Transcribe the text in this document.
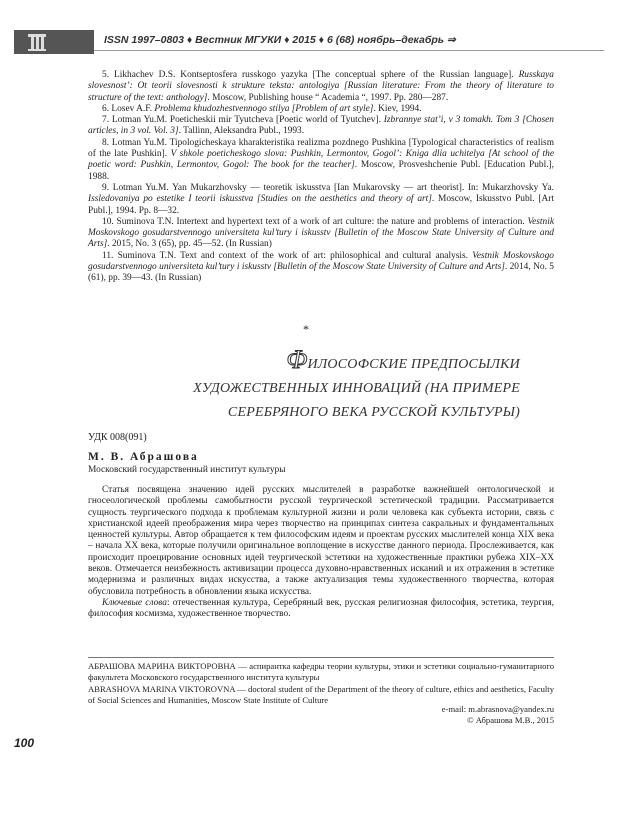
ISSN 1997–0803 ♦ Вестник МГУКИ ♦ 2015 ♦ 6 (68) ноябрь–декабрь ⇒

5. Likhachev D.S. Kontseptosfera russkogo yazyka [The conceptual sphere of the Russian language]. Russkaya slovesnost’: Ot teorii slovesnosti k strukture teksta: antologiya [Russian literature: From the theory of literature to structure of the text: anthology]. Moscow, Publishing house “ Academia “, 1997. Pp. 280—287.

6. Losev A.F. Problema khudozhestvennogo stilya [Problem of art style]. Kiev, 1994.

7. Lotman Yu.M. Poeticheskii mir Tyutcheva [Poetic world of Tyutchev]. Izbrannye stat’i, v 3 tomakh. Tom 3 [Chosen articles, in 3 vol. Vol. 3]. Tallinn, Aleksandra Publ., 1993.

8. Lotman Yu.M. Tipologicheskaya kharakteristika realizma pozdnego Pushkina [Typological characteristics of realism of the late Pushkin]. V shkole poeticheskogo slova: Pushkin, Lermontov, Gogol’: Kniga dlia uchitelya [At school of the poetic word: Pushkin, Lermontov, Gogol: The book for the teacher]. Moscow, Prosveshchenie Publ. [Education Publ.], 1988.

9. Lotman Yu.M. Yan Mukarzhovsky — teoretik iskusstva [Ian Mukarovsky — art theorist]. In: Mukarzhovsky Ya. Issledovaniya po estetike I teorii iskusstva [Studies on the aesthetics and theory of art]. Moscow, Iskusstvo Publ. [Art Publ.], 1994. Pp. 8—32.

10. Suminova T.N. Intertext and hypertext text of a work of art culture: the nature and problems of interaction. Vestnik Moskovskogo gosudarstvennogo universiteta kul’tury i iskusstv [Bulletin of the Moscow State University of Culture and Arts]. 2015, No. 3 (65), pp. 45—52. (In Russian)

11. Suminova T.N. Text and context of the work of art: philosophical and cultural analysis. Vestnik Moskovskogo gosudarstvennogo universiteta kul’tury i iskusstv [Bulletin of the Moscow State University of Culture and Arts]. 2014, No. 5 (61), pp. 39—43. (In Russian)

*
ФИЛОСОФСКИЕ ПРЕДПОСЫЛКИ
ХУДОЖЕСТВЕННЫХ ИННОВАЦИЙ (НА ПРИМЕРЕ
СЕРЕБРЯНОГО ВЕКА РУССКОЙ КУЛЬТУРЫ)
УДК 008(091)
М. В. Абрашова
Московский государственный институт культуры

Статья посвящена значению идей русских мыслителей в разработке важнейшей онтологической и гносеологической проблемы самобытности русской теургической эстетической традиции. Рассматривается сущность теургического подхода к проблемам культурной жизни и роли человека как субъекта истории, связь с христианской идеей преображения мира через творчество на принципах синтеза сакральных и фундаментальных ценностей культуры. Автор обращается к тем философским идеям и проектам русских мыслителей конца XIX века – начала XX века, которые получили оригинальное воплощение в искусстве данного периода. Прослеживается, как происходит проецирование основных идей теургической эстетики на художественные практики рубежа XIX–XX веков. Отмечается неизбежность активизации процесса духовно-нравственных исканий и их отражения в эстетике модернизма и различных видах искусства, а также актуализация темы художественного творчества, которая обусловила потребность в обновлении языка искусства.

Ключевые слова: отечественная культура, Серебряный век, русская религиозная философия, эстетика, теургия, философия космизма, художественное творчество.

АБРАШОВА МАРИНА ВИКТОРОВНА — аспирантка кафедры теории культуры, этики и эстетики социально-гуманитарного факультета Московского государственного института культуры

ABRASHOVA MARINA VIKTOROVNA — doctoral student of the Department of the theory of culture, ethics and aesthetics, Faculty of Social Sciences and Humanities, Moscow State Institute of Culture

e-mail: m.abrasnova@yandex.ru
© Абрашова М.В., 2015
100
